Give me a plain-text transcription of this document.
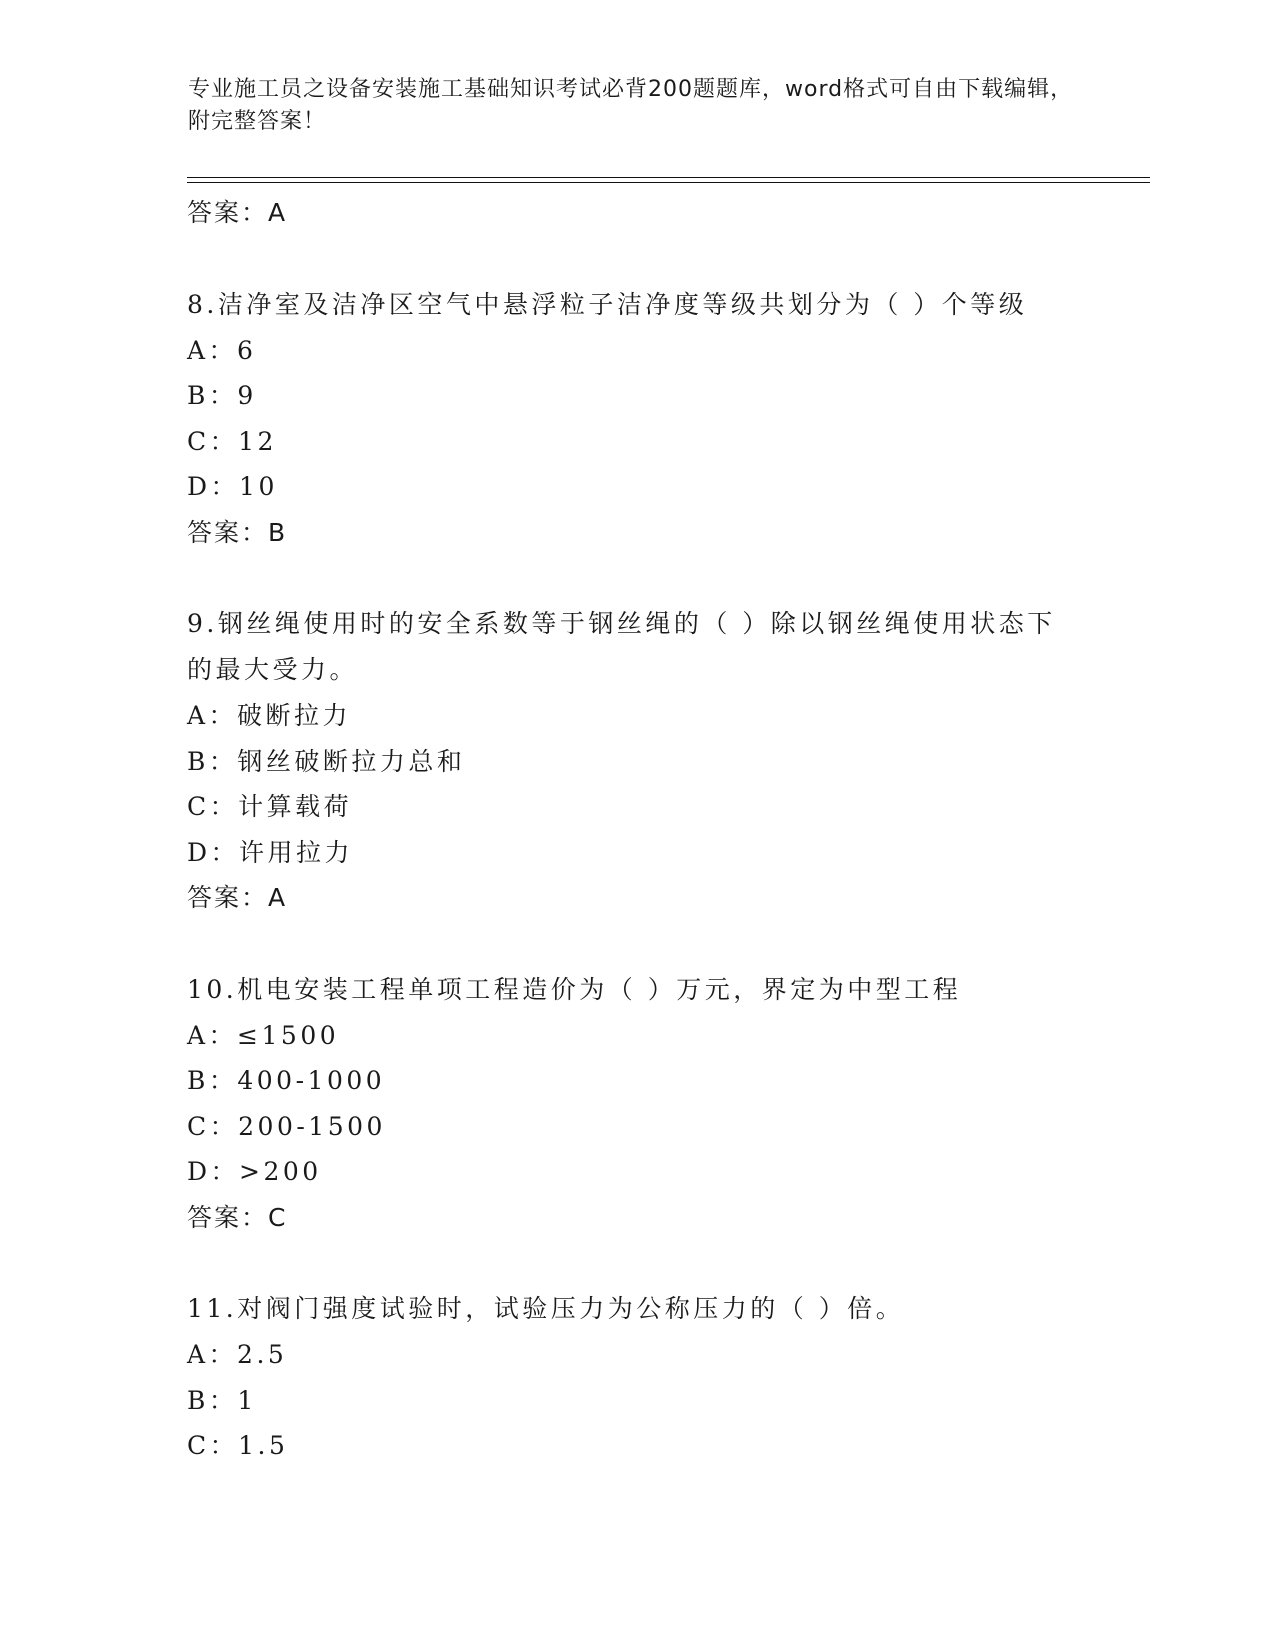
专业施工员之设备安装施工基础知识考试必背200题题库，word格式可自由下载编辑，附完整答案！
答案：A
8.洁净室及洁净区空气中悬浮粒子洁净度等级共划分为（ ）个等级
A：6
B：9
C：12
D：10
答案：B
9.钢丝绳使用时的安全系数等于钢丝绳的（ ）除以钢丝绳使用状态下的最大受力。
A：破断拉力
B：钢丝破断拉力总和
C：计算载荷
D：许用拉力
答案：A
10.机电安装工程单项工程造价为（ ）万元，界定为中型工程
A：≤1500
B：400-1000
C：200-1500
D：>200
答案：C
11.对阀门强度试验时，试验压力为公称压力的（ ）倍。
A：2.5
B：1
C：1.5
